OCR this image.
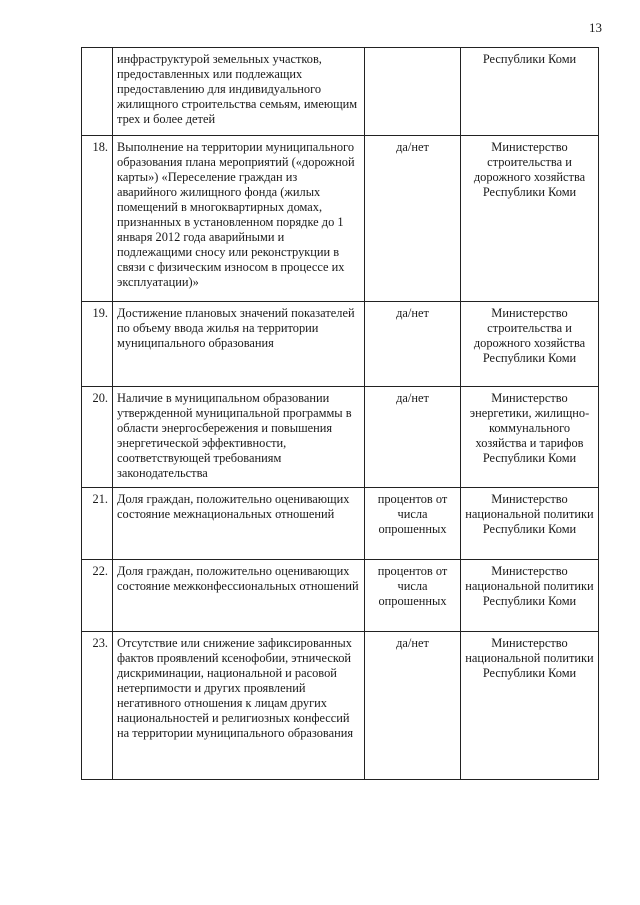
13
	инфраструктурой земельных участков, предоставленных или подлежащих предоставлению для индивидуального жилищного строительства семьям, имеющим трех и более детей		Республики Коми
18.	Выполнение на территории муниципального образования плана мероприятий («дорожной карты») «Переселение граждан из аварийного жилищного фонда (жилых помещений в многоквартирных домах, признанных в установленном порядке до 1 января 2012 года аварийными и подлежащими сносу или реконструкции в связи с физическим износом в процессе их эксплуатации)»	да/нет	Министерство строительства и дорожного хозяйства Республики Коми
19.	Достижение плановых значений показателей по объему ввода жилья на территории муниципального образования	да/нет	Министерство строительства и дорожного хозяйства Республики Коми
20.	Наличие в муниципальном образовании утвержденной муниципальной программы в области энергосбережения и повышения энергетической эффективности, соответствующей требованиям законодательства	да/нет	Министерство энергетики, жилищно-коммунального хозяйства и тарифов Республики Коми
21.	Доля граждан, положительно оценивающих состояние межнациональных отношений	процентов от числа опрошенных	Министерство национальной политики Республики Коми
22.	Доля граждан, положительно оценивающих состояние межконфессиональных отношений	процентов от числа опрошенных	Министерство национальной политики Республики Коми
23.	Отсутствие или снижение зафиксированных фактов проявлений ксенофобии, этнической дискриминации, национальной и расовой нетерпимости и других проявлений негативного отношения к лицам других национальностей и религиозных конфессий на территории муниципального образования	да/нет	Министерство национальной политики Республики Коми
